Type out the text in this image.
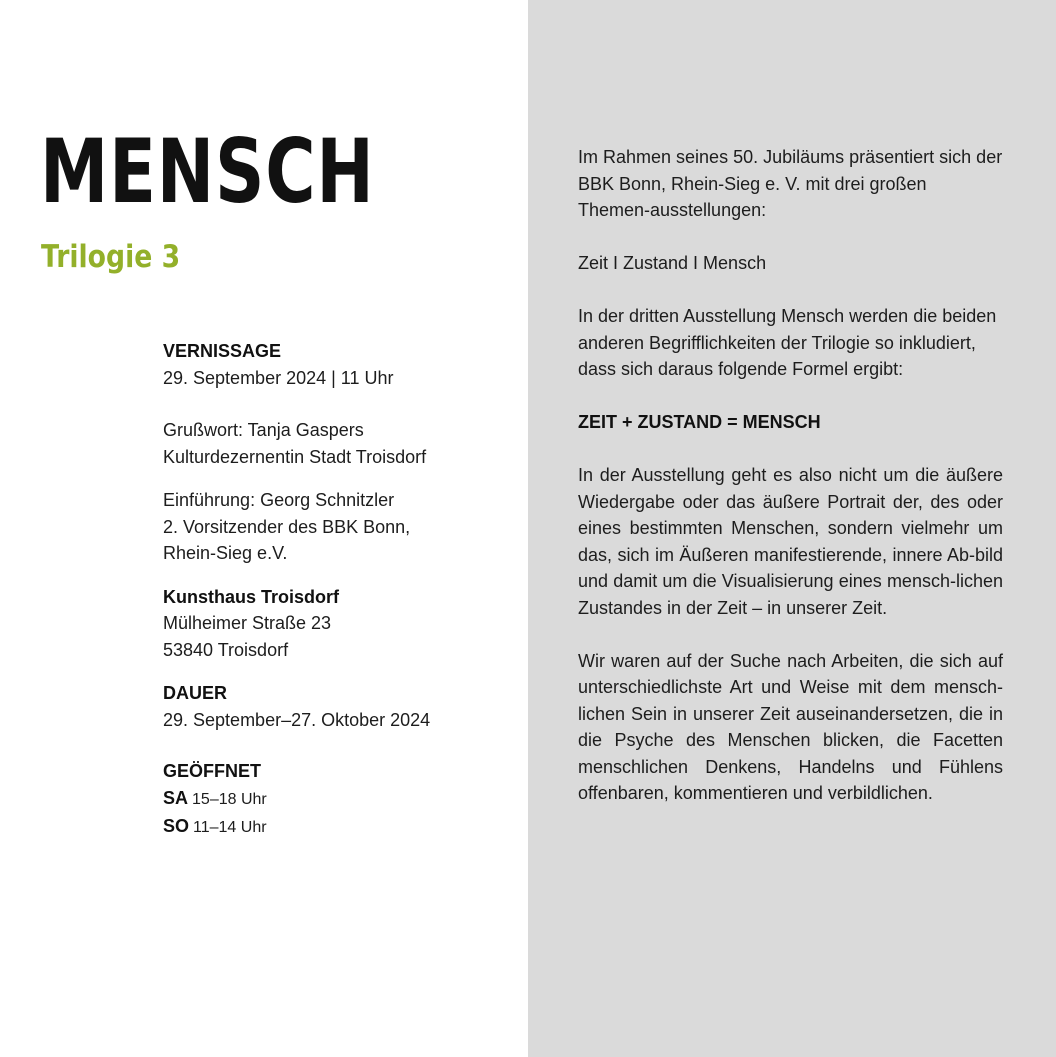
MENSCH
Trilogie 3
VERNISSAGE
29. September 2024 | 11 Uhr
Grußwort: Tanja Gaspers
Kulturdezernentin Stadt Troisdorf
Einführung: Georg Schnitzler
2. Vorsitzender des BBK Bonn,
Rhein-Sieg e.V.
Kunsthaus Troisdorf
Mülheimer Straße 23
53840 Troisdorf
DAUER
29. September–27. Oktober 2024
GEÖFFNET
SA 15–18 Uhr
SO 11–14 Uhr

Im Rahmen seines 50. Jubiläums präsentiert sich der BBK Bonn, Rhein-Sieg e. V. mit drei großen Themen-ausstellungen:

Zeit I Zustand I Mensch

In der dritten Ausstellung Mensch werden die beiden anderen Begrifflichkeiten der Trilogie so inkludiert, dass sich daraus folgende Formel ergibt:

ZEIT + ZUSTAND = MENSCH

In der Ausstellung geht es also nicht um die äußere Wiedergabe oder das äußere Portrait der, des oder eines bestimmten Menschen, sondern vielmehr um das, sich im Äußeren manifestierende, innere Ab-bild und damit um die Visualisierung eines mensch-lichen Zustandes in der Zeit – in unserer Zeit.

Wir waren auf der Suche nach Arbeiten, die sich auf unterschiedlichste Art und Weise mit dem mensch-lichen Sein in unserer Zeit auseinandersetzen, die in die Psyche des Menschen blicken, die Facetten menschlichen Denkens, Handelns und Fühlens offenbaren, kommentieren und verbildlichen.
